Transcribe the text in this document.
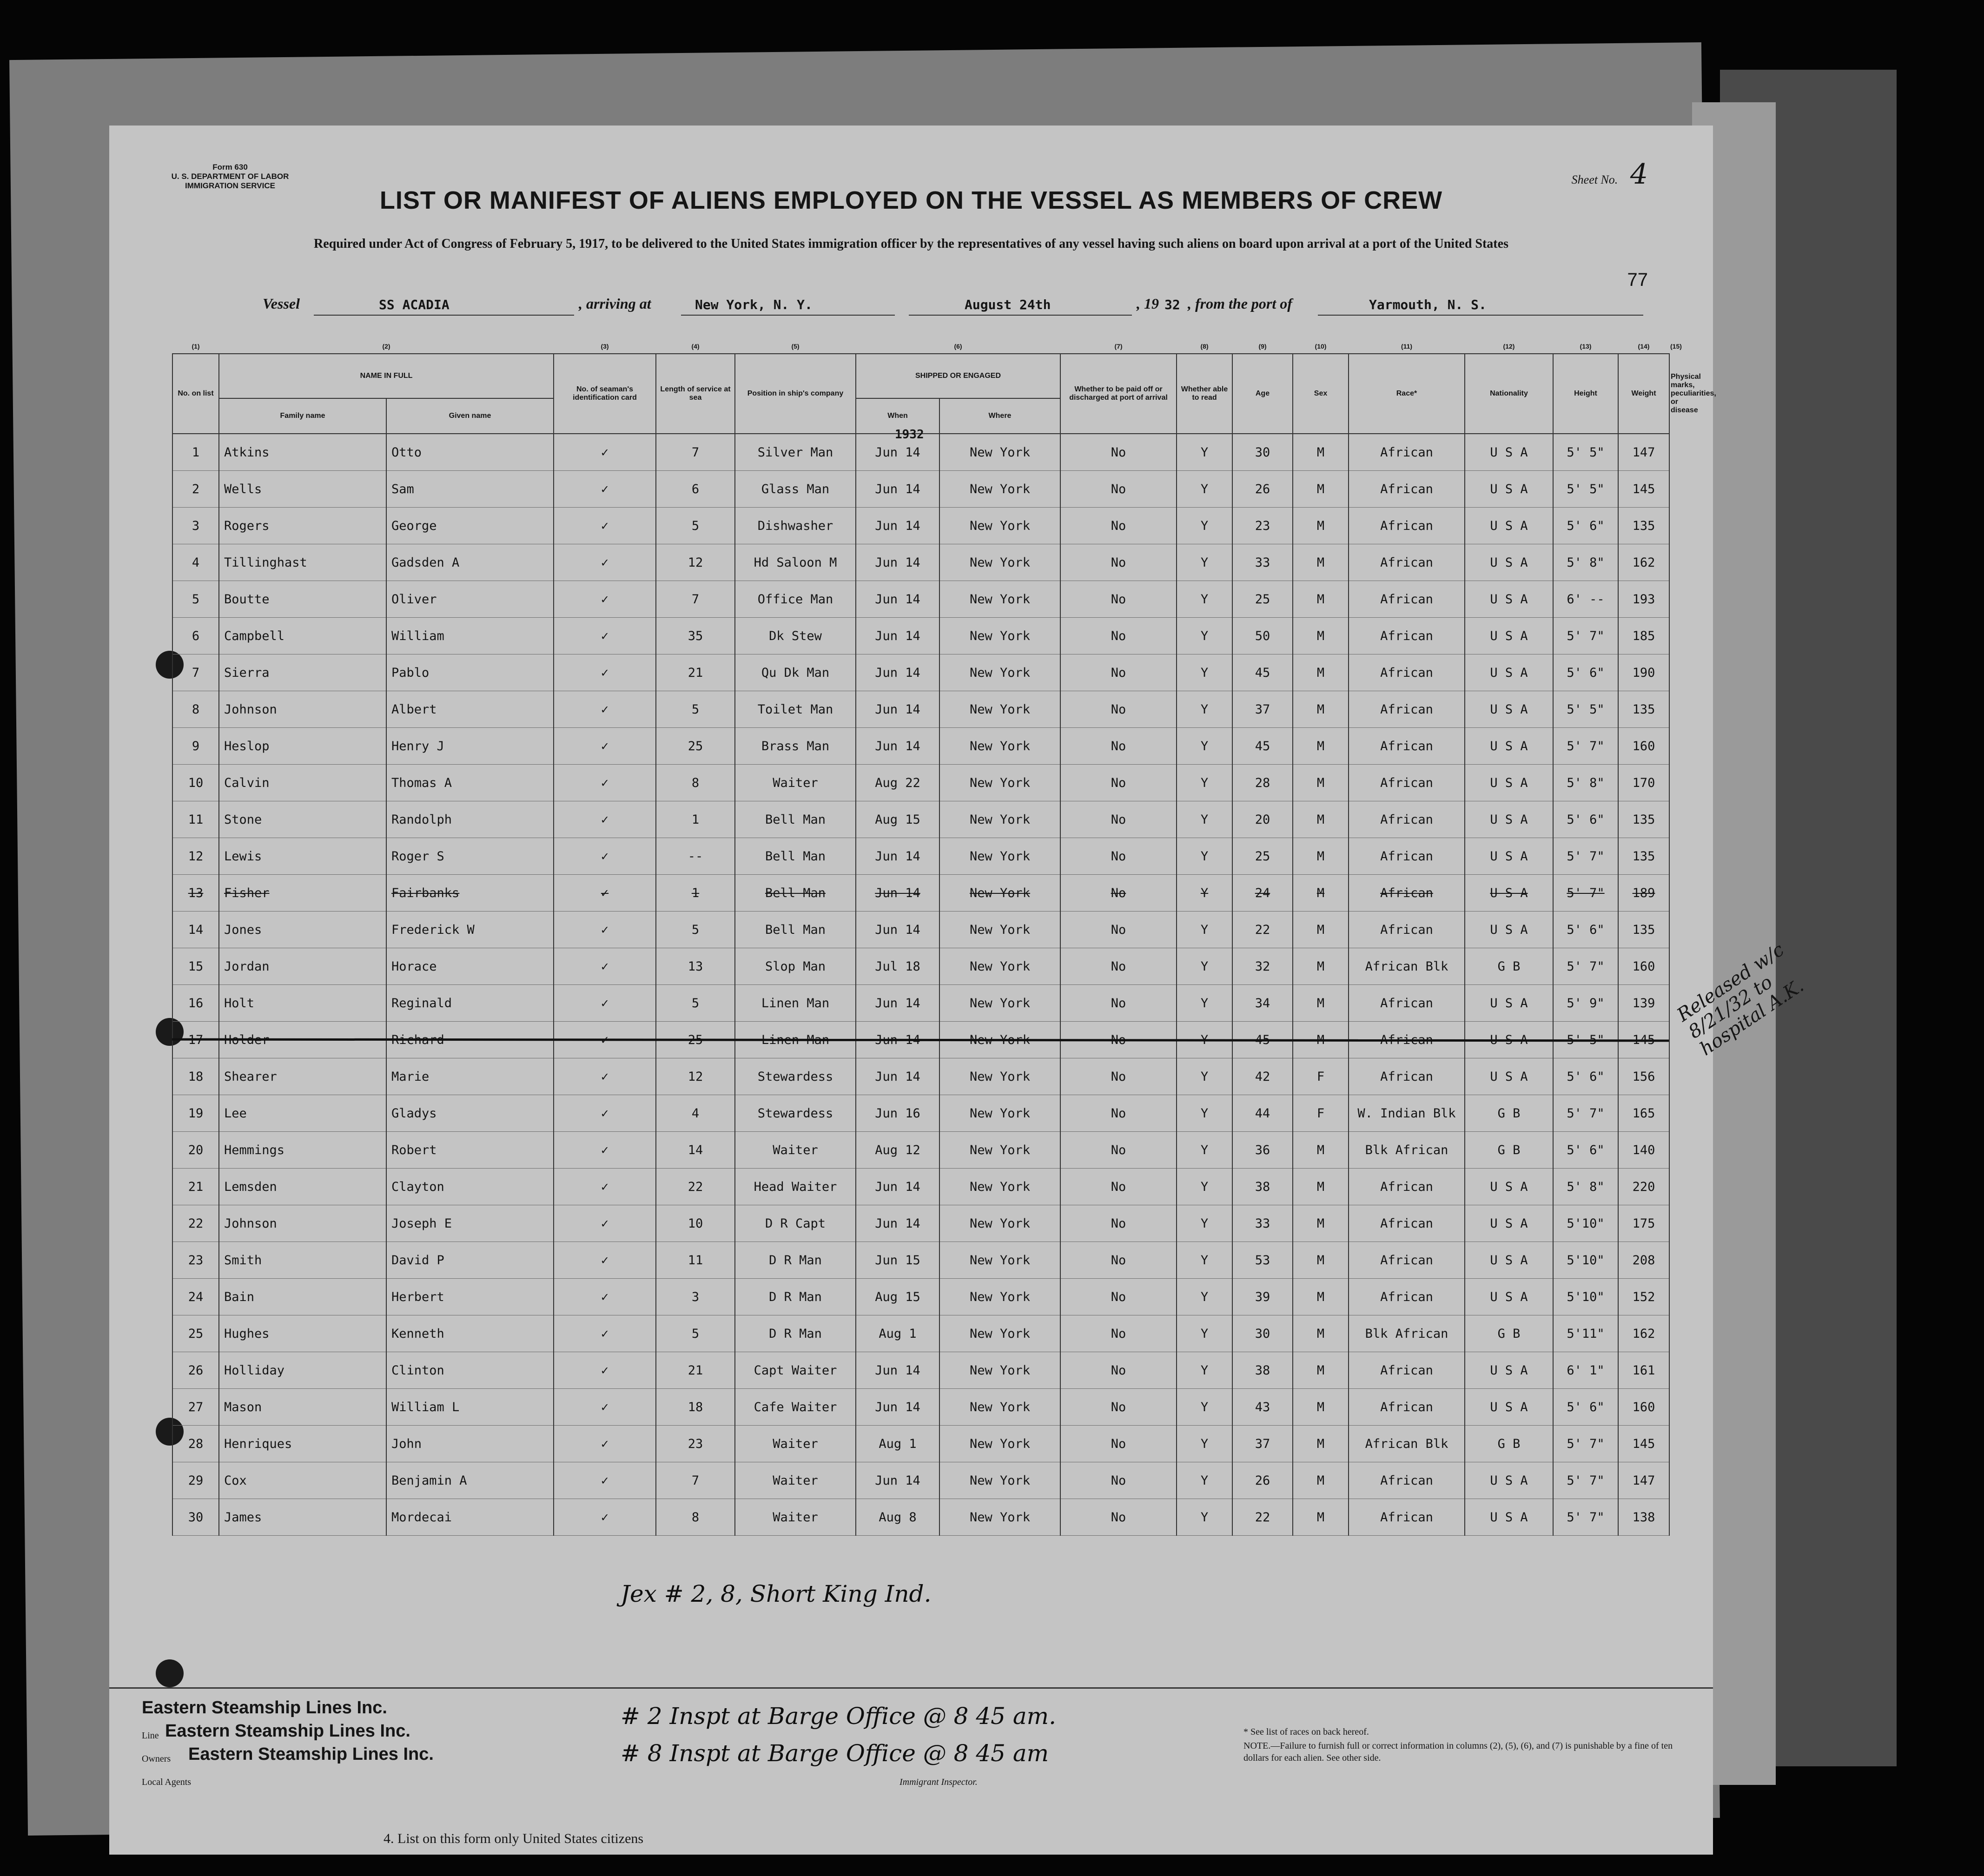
Form 630
U. S. DEPARTMENT OF LABOR
IMMIGRATION SERVICE
LIST OR MANIFEST OF ALIENS EMPLOYED ON THE VESSEL AS MEMBERS OF CREW
Required under Act of Congress of February 5, 1917, to be delivered to the United States immigration officer by the representatives of any vessel having such aliens on board upon arrival at a port of the United States
Sheet No. 4
77
Vessel	SS ACADIA	, arriving at	New York, N. Y.	August 24th	, 19 32 , from the port of	Yarmouth, N. S.
(1)	(2)		(3)	(4)	(5)	(6)		(7)	(8)	(9)	(10)	(11)	(12)	(13)	(14)	(15)
No. on list	NAME IN FULL		No. of seaman's identification card	Length of service at sea	Position in ship's company	SHIPPED OR ENGAGED		Whether to be paid off or discharged at port of arrival	Whether able to read	Age	Sex	Race*	Nationality	Height	Weight	Physical marks, peculiarities, or disease
	Family name	Given name				When	Where									
1	Atkins	Otto	✓	7	Silver Man	Jun 14	New York	No	Y	30	M	African	U S A	5' 5"	147	
2	Wells	Sam	✓	6	Glass Man	Jun 14	New York	No	Y	26	M	African	U S A	5' 5"	145	
3	Rogers	George	✓	5	Dishwasher	Jun 14	New York	No	Y	23	M	African	U S A	5' 6"	135	
4	Tillinghast	Gadsden A	✓	12	Hd Saloon M	Jun 14	New York	No	Y	33	M	African	U S A	5' 8"	162	
5	Boutte	Oliver	✓	7	Office Man	Jun 14	New York	No	Y	25	M	African	U S A	6' --	193	
6	Campbell	William	✓	35	Dk Stew	Jun 14	New York	No	Y	50	M	African	U S A	5' 7"	185	
7	Sierra	Pablo	✓	21	Qu Dk Man	Jun 14	New York	No	Y	45	M	African	U S A	5' 6"	190	
8	Johnson	Albert	✓	5	Toilet Man	Jun 14	New York	No	Y	37	M	African	U S A	5' 5"	135	
9	Heslop	Henry J	✓	25	Brass Man	Jun 14	New York	No	Y	45	M	African	U S A	5' 7"	160	
10	Calvin	Thomas A	✓	8	Waiter	Aug 22	New York	No	Y	28	M	African	U S A	5' 8"	170	
11	Stone	Randolph	✓	1	Bell Man	Aug 15	New York	No	Y	20	M	African	U S A	5' 6"	135	
12	Lewis	Roger S	✓	--	Bell Man	Jun 14	New York	No	Y	25	M	African	U S A	5' 7"	135	
13	Fisher	Fairbanks	✓	1	Bell Man	Jun 14	New York	No	Y	24	M	African	U S A	5' 7"	189	
14	Jones	Frederick W	✓	5	Bell Man	Jun 14	New York	No	Y	22	M	African	U S A	5' 6"	135	
15	Jordan	Horace	✓	13	Slop Man	Jul 18	New York	No	Y	32	M	African Blk	G B	5' 7"	160	
16	Holt	Reginald	✓	5	Linen Man	Jun 14	New York	No	Y	34	M	African	U S A	5' 9"	139	
17	Holder	Richard	✓	25	Linen Man	Jun 14	New York	No	Y	45	M	African	U S A	5' 5"	145	
18	Shearer	Marie	✓	12	Stewardess	Jun 14	New York	No	Y	42	F	African	U S A	5' 6"	156	
19	Lee	Gladys	✓	4	Stewardess	Jun 16	New York	No	Y	44	F	W. Indian Blk	G B	5' 7"	165	
20	Hemmings	Robert	✓	14	Waiter	Aug 12	New York	No	Y	36	M	Blk African	G B	5' 6"	140	
21	Lemsden	Clayton	✓	22	Head Waiter	Jun 14	New York	No	Y	38	M	African	U S A	5' 8"	220	
22	Johnson	Joseph E	✓	10	D R Capt	Jun 14	New York	No	Y	33	M	African	U S A	5'10"	175	
23	Smith	David P	✓	11	D R Man	Jun 15	New York	No	Y	53	M	African	U S A	5'10"	208	
24	Bain	Herbert	✓	3	D R Man	Aug 15	New York	No	Y	39	M	African	U S A	5'10"	152	
25	Hughes	Kenneth	✓	5	D R Man	Aug 1	New York	No	Y	30	M	Blk African	G B	5'11"	162	
26	Holliday	Clinton	✓	21	Capt Waiter	Jun 14	New York	No	Y	38	M	African	U S A	6' 1"	161	
27	Mason	William L	✓	18	Cafe Waiter	Jun 14	New York	No	Y	43	M	African	U S A	5' 6"	160	
28	Henriques	John	✓	23	Waiter	Aug 1	New York	No	Y	37	M	African Blk	G B	5' 7"	145	
29	Cox	Benjamin A	✓	7	Waiter	Jun 14	New York	No	Y	26	M	African	U S A	5' 7"	147	
30	James	Mordecai	✓	8	Waiter	Aug 8	New York	No	Y	22	M	African	U S A	5' 7"	138	
Released w/c 8/21/32 to hospital A.K.
1932
Jex # 2, 8, Short King Ind.
Eastern Steamship Lines Inc.
Line Eastern Steamship Lines Inc.
Owners Eastern Steamship Lines Inc.
Local Agents
# 2 Inspt at Barge Office @ 8 45 am.
# 8 Inspt at Barge Office @ 8 45 am
Immigrant Inspector.
* See list of races on back hereof.
NOTE.—Failure to furnish full or correct information in columns (2), (5), (6), and (7) is punishable by a fine of ten dollars for each alien. See other side.
4. List on this form only United States citizens
